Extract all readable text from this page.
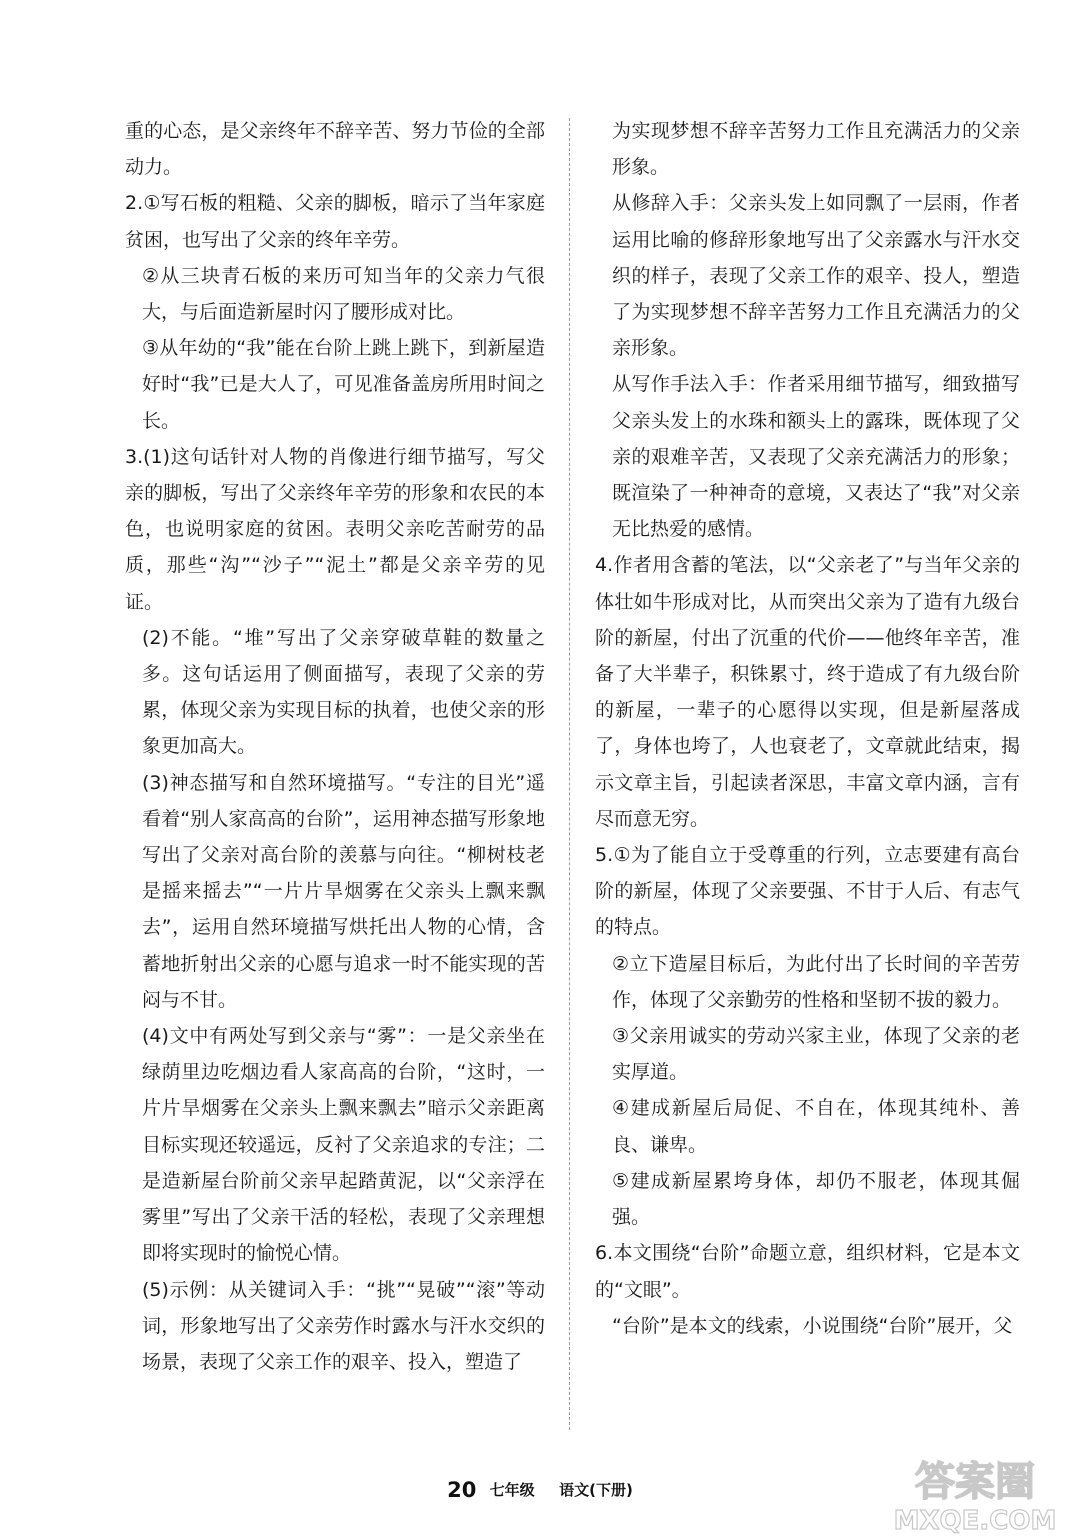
重的心态，是父亲终年不辞辛苦、努力节俭的全部动力。

2.①写石板的粗糙、父亲的脚板，暗示了当年家庭贫困，也写出了父亲的终年辛劳。

②从三块青石板的来历可知当年的父亲力气很大，与后面造新屋时闪了腰形成对比。

③从年幼的“我”能在台阶上跳上跳下，到新屋造好时“我”已是大人了，可见准备盖房所用时间之长。

3.(1)这句话针对人物的肖像进行细节描写，写父亲的脚板，写出了父亲终年辛劳的形象和农民的本色，也说明家庭的贫困。表明父亲吃苦耐劳的品质，那些“沟”“沙子”“泥土”都是父亲辛劳的见证。

(2)不能。“堆”写出了父亲穿破草鞋的数量之多。这句话运用了侧面描写，表现了父亲的劳累，体现父亲为实现目标的执着，也使父亲的形象更加高大。

(3)神态描写和自然环境描写。“专注的目光”遥看着“别人家高高的台阶”，运用神态描写形象地写出了父亲对高台阶的羡慕与向往。“柳树枝老是摇来摇去”“一片片旱烟雾在父亲头上飘来飘去”，运用自然环境描写烘托出人物的心情，含蓄地折射出父亲的心愿与追求一时不能实现的苦闷与不甘。

(4)文中有两处写到父亲与“雾”：一是父亲坐在绿荫里边吃烟边看人家高高的台阶，“这时，一片片旱烟雾在父亲头上飘来飘去”暗示父亲距离目标实现还较遥远，反衬了父亲追求的专注；二是造新屋台阶前父亲早起踏黄泥，以“父亲浮在雾里”写出了父亲干活的轻松，表现了父亲理想即将实现时的愉悦心情。

(5)示例：从关键词入手：“挑”“晃破”“滚”等动词，形象地写出了父亲劳作时露水与汗水交织的场景，表现了父亲工作的艰辛、投入，塑造了

为实现梦想不辞辛苦努力工作且充满活力的父亲形象。

从修辞入手：父亲头发上如同飘了一层雨，作者运用比喻的修辞形象地写出了父亲露水与汗水交织的样子，表现了父亲工作的艰辛、投人，塑造了为实现梦想不辞辛苦努力工作且充满活力的父亲形象。

从写作手法入手：作者采用细节描写，细致描写父亲头发上的水珠和额头上的露珠，既体现了父亲的艰难辛苦，又表现了父亲充满活力的形象；既渲染了一种神奇的意境，又表达了“我”对父亲无比热爱的感情。

4.作者用含蓄的笔法，以“父亲老了”与当年父亲的体壮如牛形成对比，从而突出父亲为了造有九级台阶的新屋，付出了沉重的代价——他终年辛苦，准备了大半辈子，积铢累寸，终于造成了有九级台阶的新屋，一辈子的心愿得以实现，但是新屋落成了，身体也垮了，人也衰老了，文章就此结束，揭示文章主旨，引起读者深思，丰富文章内涵，言有尽而意无穷。

5.①为了能自立于受尊重的行列，立志要建有高台阶的新屋，体现了父亲要强、不甘于人后、有志气的特点。

②立下造屋目标后，为此付出了长时间的辛苦劳作，体现了父亲勤劳的性格和坚韧不拔的毅力。

③父亲用诚实的劳动兴家主业，体现了父亲的老实厚道。

④建成新屋后局促、不自在，体现其纯朴、善良、谦卑。

⑤建成新屋累垮身体，却仍不服老，体现其倔强。

6.本文围绕“台阶”命题立意，组织材料，它是本文的“文眼”。

“台阶”是本文的线索，小说围绕“台阶”展开，父

20 七年级 语文(下册)	答案圈
MXQE.COM
